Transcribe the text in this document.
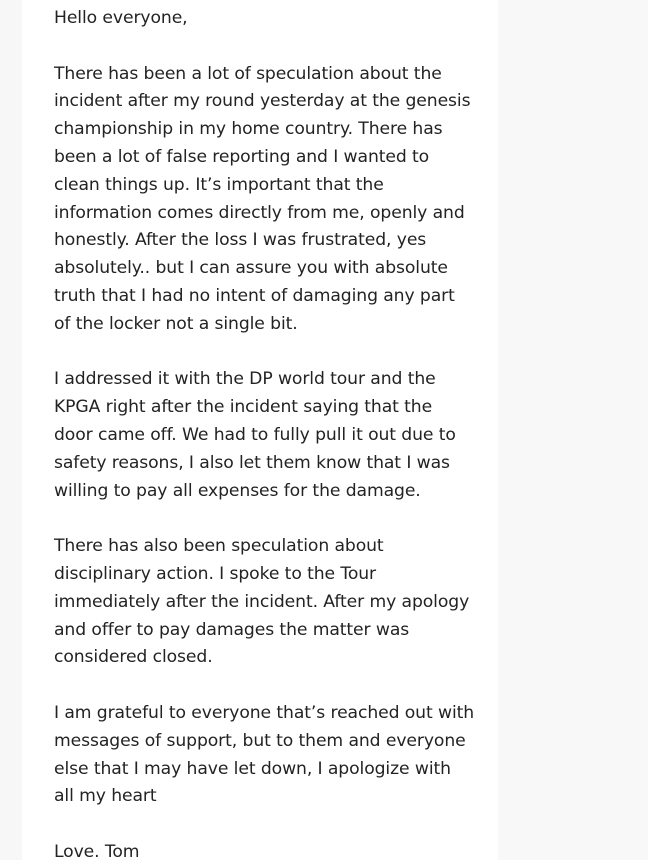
Hello everyone,
There has been a lot of speculation about the
incident after my round yesterday at the genesis
championship in my home country. There has
been a lot of false reporting and I wanted to
clean things up. It’s important that the
information comes directly from me, openly and
honestly. After the loss I was frustrated, yes
absolutely.. but I can assure you with absolute
truth that I had no intent of damaging any part
of the locker not a single bit.
I addressed it with the DP world tour and the
KPGA right after the incident saying that the
door came off. We had to fully pull it out due to
safety reasons, I also let them know that I was
willing to pay all expenses for the damage.
There has also been speculation about
disciplinary action. I spoke to the Tour
immediately after the incident. After my apology
and offer to pay damages the matter was
considered closed.
I am grateful to everyone that’s reached out with
messages of support, but to them and everyone
else that I may have let down, I apologize with
all my heart
Love. Tom
